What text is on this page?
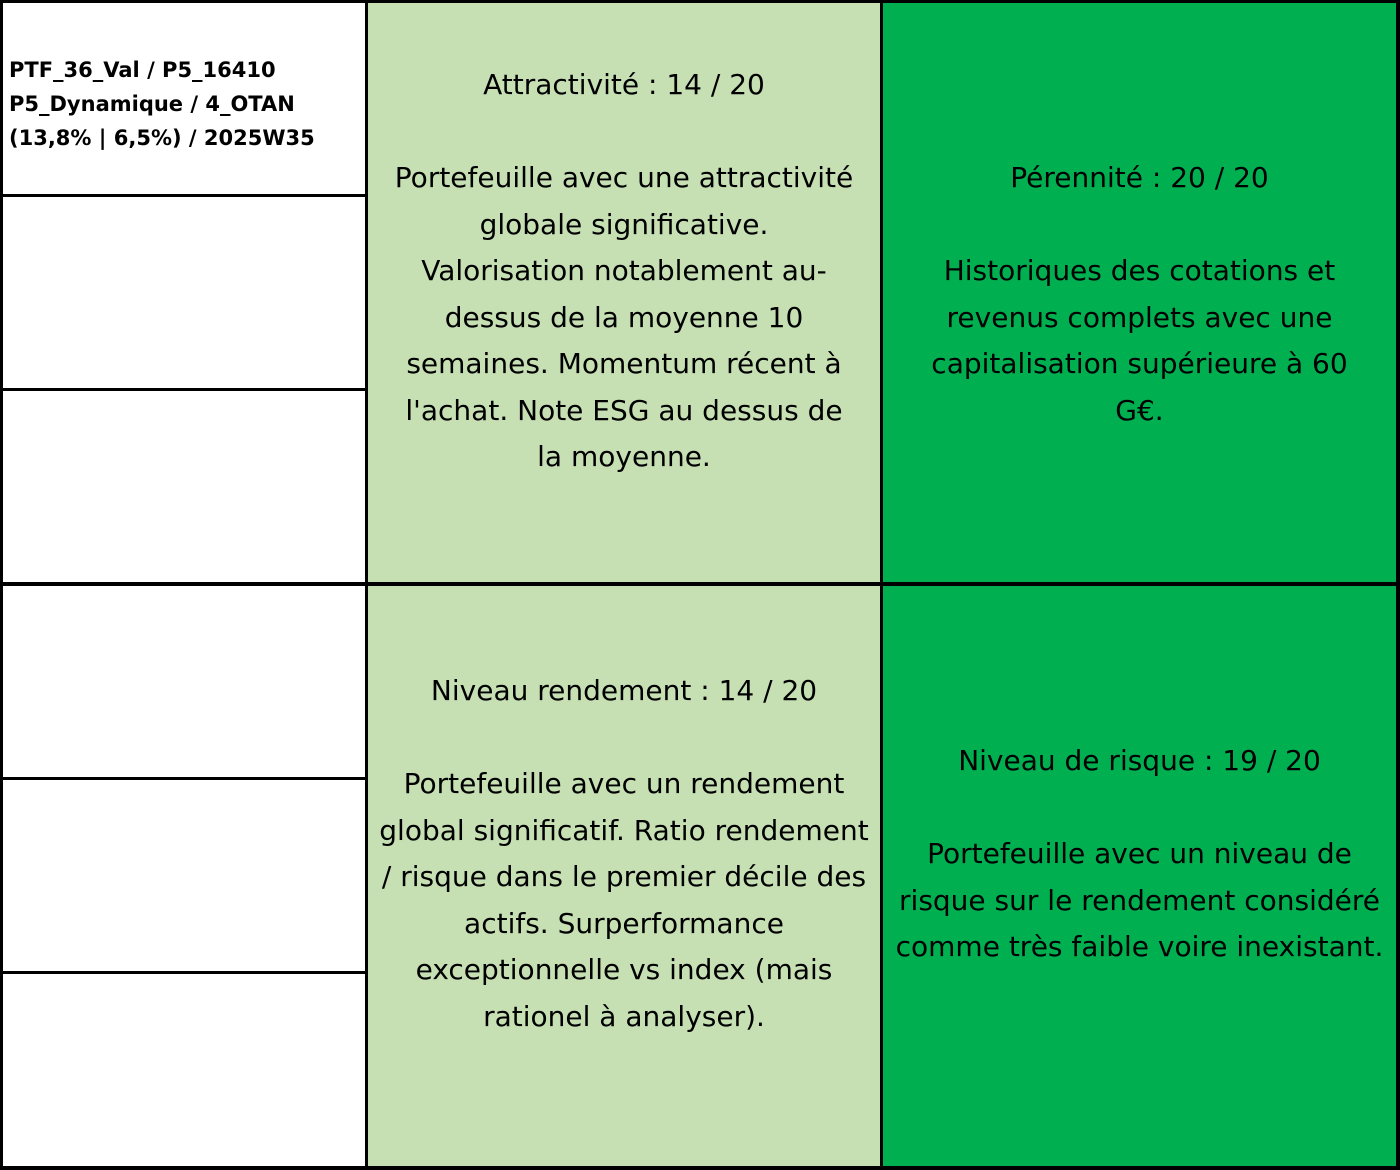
PTF_36_Val / P5_16410
P5_Dynamique / 4_OTAN
(13,8% | 6,5%) / 2025W35
Attractivité : 14 / 20
Portefeuille avec une attractivité globale significative. Valorisation notablement au-dessus de la moyenne 10 semaines. Momentum récent à l'achat. Note ESG au dessus de la moyenne.
Pérennité : 20 / 20
Historiques des cotations et revenus complets avec une capitalisation supérieure à 60 G€.
Niveau rendement : 14 / 20
Portefeuille avec un rendement global significatif. Ratio rendement / risque dans le premier décile des actifs. Surperformance exceptionnelle vs index (mais rationel à analyser).
Niveau de risque : 19 / 20
Portefeuille avec un niveau de risque sur le rendement considéré comme très faible voire inexistant.
